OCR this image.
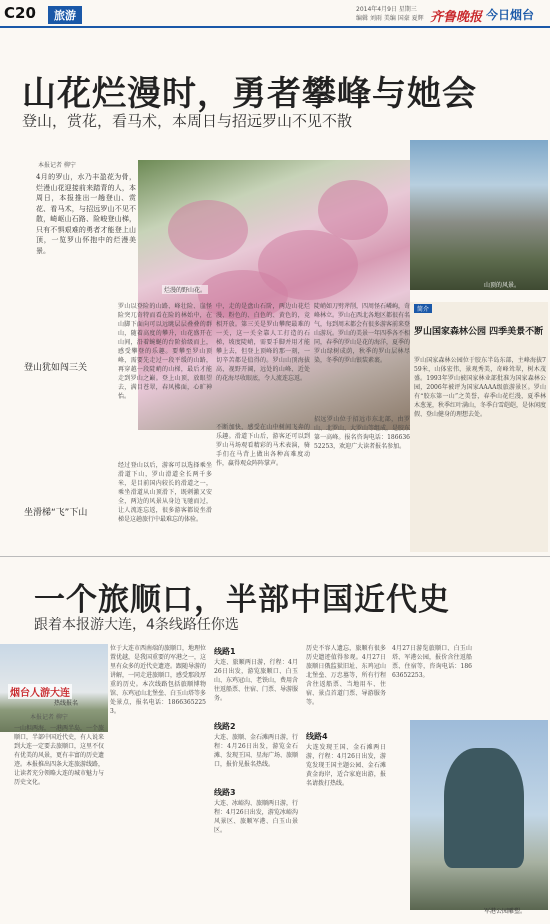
C20	旅游	2014年4月9日 星期三
编辑 刘雨 美编 国豪 夏辉 齐鲁晚报 今日烟台
山花烂漫时，勇者攀峰与她会
登山，赏花，看马术，本周日与招远罗山不见不散
本报记者 柳宁
4月的罗山，水乃丰盈花为骨，烂漫山花迎接前来踏青的人，本周日，本报推出一趟登山、赏花、看马术，与招远罗山不见不散，崎岖山石路、险峻登山梯，只有不惧艰难的勇者才能登上山顶，一览罗山怀抱中的烂漫美景。
烂漫的野山花。
山顶的风景。
登山犹如闯三关
坐滑梯“飞”下山

罗山以登险的山路、峰壮险、崖怪险突兀奇特而看在险的林始中，在山脚下面向可以远眺层层叠叠的群山，随着高度的攀升，山花盛开在山间，沿着蜿蜒的台阶拾级而上，感受攀登的乐趣。要攀至罗山顶峰，需要先走过一段平缓的山路，再穿越一段陡峭的山梯，最后才能走到罗山之巅。登上山顶，放眼望去，满目苍翠，春风拂面，心旷神怡。

经过登山以后，游客可以选择乘坐滑道下山，罗山滑道全长两千多米，是目前国内较长的滑道之一，乘坐滑道从山顶滑下，既刺激又安全，两边的风景从身边飞驰而过，让人流连忘返，很多游客都说坐滑梯是这趟旅行中最难忘的体验。

中，走的是盘山石阶，两边山花烂漫，粉色的、白色的、黄色的，竞相开放。第三关是罗山攀爬最难的一关，这一关全靠人工打造的石梯，坡度陡峭，需要手脚并用才能攀上去，但登上顶峰的那一刻，一切辛苦都是值得的。罗山山顶海拔高，视野开阔，远处的山峰、近处的花海尽收眼底，令人流连忘返。

不断加快，感受在山中树间飞奔的乐趣。滑道下山后，游客还可以到罗山马场观看精彩的马术表演，骑手们在马背上做出各种高难度动作，赢得观众阵阵掌声。

陡峭如刀劈斧削，四周怪石嶙峋，奇峰林立。罗山在西北各地区都很有名气，每到周末都会有很多游客前来登山游玩。罗山的美景一年四季各不相同，春季的罗山是花的海洋，夏季的罗山绿树成荫，秋季的罗山层林尽染，冬季的罗山银装素裹。

招远罗山位于招远市东北部，由罗山、北罗山、大罗山等组成，是胶东第一高峰。报名咨询电话：18663652253，欢迎广大读者报名参加。

简介
罗山国家森林公园 四季美景不断
罗山国家森林公园位于胶东半岛东部，主峰海拔759米，山体宏伟，景观秀美，奇峰耸翠，树木茂盛。1993年罗山被国家林业部批准为国家森林公园，2006年被评为国家AAAA级旅游景区。罗山有“胶东第一山”之美誉，春季山花烂漫，夏季林木葱茏，秋季红叶满山，冬季白雪皑皑，是休闲度假、登山健身的理想去处。
一个旅顺口，半部中国近代史
跟着本报游大连，4条线路任你选
烟台人游大连
热线报名
本报记者 柳宁
一山担两海，一港两半岛，一个旅顺口，半部中国近代史，有人说来到大连一定要去旅顺口，这里不仅有优美的风景，更有丰富的历史遗迹。本报推出四条大连旅游线路，让读者充分领略大连的城市魅力与历史文化。
位于大连市西南端的旅顺口，地理位置优越，是我国重要的军港之一，这里有众多的近代史遗迹。跟随导游的讲解，一同走进旅顺口，感受那段厚重的历史。本次线路包括旅顺博物馆、东鸡冠山北堡垒、白玉山塔等多处景点，报名电话：18663652253。
线路1

大连、旅顺两日游，行程：4月26日出发，游览旅顺口、白玉山、东鸡冠山、老铁山，费用含往返船票、住宿、门票、导游服务。

线路2

大连、旅顺、金石滩两日游，行程：4月26日出发，游览金石滩、发现王国、星海广场、旅顺口，报价见报名热线。

线路3

大连、冰峪沟、旅顺两日游，行程：4月26日出发，游览冰峪沟风景区、旅顺军港、白玉山景区。

历史不容人遗忘，旅顺有很多历史遗迹值得参观。4月27日旅顺日俄监狱旧址、东鸡冠山北堡垒、万忠墓等，所有行程含往返船票、当地用车、住宿、景点首道门票、导游服务等。

线路4

大连发现王国、金石滩两日游，行程：4月26日出发，游览发现王国主题公园、金石滩黄金海岸，适合家庭出游，报名请拨打热线。

4月27日游览旅顺口、白玉山塔、军港公园，报价含往返船票、住宿等，咨询电话：18663652253。
军港公园雕塑。
